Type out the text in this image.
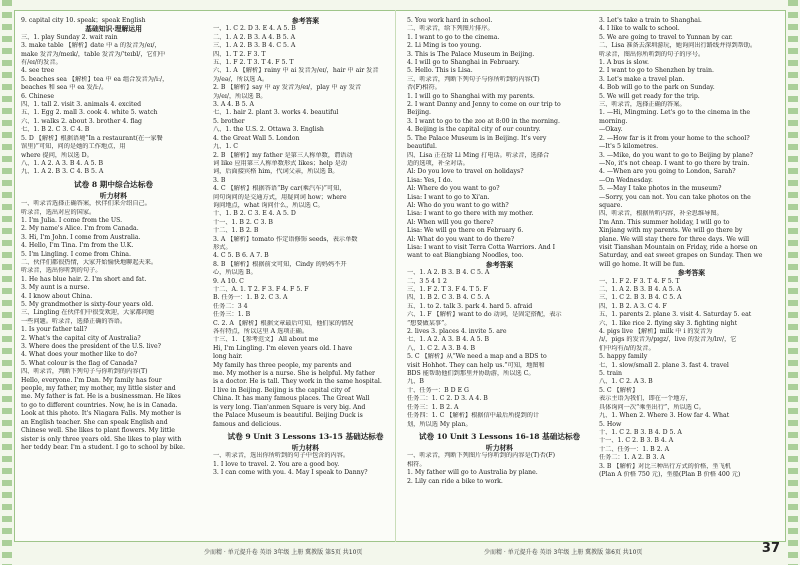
9. capital city 10. speak；speak English
基础知识·理解运用
三、1. play Sunday 2. wait rain
3. make table 【解析】date 中 a 的发音为/eɪ/，
make 发音为/meɪk/，table 发音为/'teɪbl/，它们中
有/eɪ/的发音。
4. see tree
5. beaches sea 【解析】tea 中 ea 组合发音为/iː/，
beaches 和 sea 中 ea 发/iː/。
6. Chinese
四、1. tall 2. visit 3. animals 4. excited
五、1. Egg 2. mall 3. cook 4. white 5. watch
六、1. walks 2. about 3. brother 4. flag
七、1. B 2. C 3. C 4. B
5. D 【解析】根据语境“In a restaurant(在一家餐
馆里)”可知，问的是她的工作地点，用
where 提问，所以选 D。
八、1. A 2. A 3. B 4. A 5. B
九、1. A 2. B 3. C 4. B 5. A
试卷 8 期中综合达标卷
听力材料
一、听录音选择正确答案，伙伴们来介绍自己。
听录音，选出对应的国家。
1. I'm Julia. I come from the US.
2. My name's Alice. I'm from Canada.
3. Hi, I'm John. I come from Australia.
4. Hello, I'm Tina. I'm from the U.K.
5. I'm Lingling. I come from China.
二、伙伴们都很热情，大家开始愉快地聊起天来。
听录音，选出你听到的句子。
1. He has blue hair. 2. I'm short and fat.
3. My aunt is a nurse.
4. I know about China.
5. My grandmother is sixty-four years old.
三、Lingling 在伙伴们中很受欢迎，大家都问她
一些问题。听录音，选择正确的答语。
1. Is your father tall?
2. What's the capital city of Australia?
3. Where does the president of the U.S. live?
4. What does your mother like to do?
5. What colour is the flag of Canada?
四、听录音，判断下列句子与你听到的内容(T)
Hello, everyone. I'm Dan. My family has four
people, my father, my mother, my little sister and
me. My father is fat. He is a businessman. He likes
to go to different countries. Now, he is in Canada.
Look at this photo. It's Niagara Falls. My mother is
an English teacher. She can speak English and
Chinese well. She likes to plant flowers. My little
sister is only three years old. She likes to play with
her teddy bear. I'm a student. I go to school by bike.
参考答案
一、1. C 2. D 3. E 4. A 5. B
二、1. A 2. B 3. A 4. B 5. A
三、1. A 2. B 3. B 4. C 5. A
四、1. T 2. F 3. T
五、1. F 2. T 3. T 4. F 5. T
六、1. A 【解析】rainy 中 ai 发音为/eɪ/，hair 中 air 发音
为/eə/，所以选 A。
2. B 【解析】say 中 ay 发音为/eɪ/，play 中 ay 发音
为/eɪ/，所以选 B。
3. A 4. B 5. A
七、1. hair 2. plant 3. works 4. beautiful
5. brother
八、1. the U.S. 2. Ottawa 3. English
4. the Great Wall 5. London
九、1. C
2. B 【解析】my father 是第三人称单数，谓语动
词 like 应用第三人称单数形式 likes；help 是动
词，后面接宾格 him，代词父亲，所以选 B。
3. B
4. C 【解析】根据答语“By car(乘汽车)”可知，
问句询问的是交通方式，用疑问词 how；where
询问地点，what 询问什么，所以选 C。
十、1. B 2. C 3. E 4. A 5. D
十一、1. B 2. C 3. B
十二、1. B 2. B
3. A 【解析】tomato 作定语修饰 seeds，表示单数
形式。
4. C 5. B 6. A 7. B
8. B 【解析】根据前文可知，Cindy 的妈妈不开
心，所以选 B。
9. A 10. C
十二、A. 1. T 2. F 3. F 4. F 5. F
B. 任务一：1. B 2. C 3. A
任务二：3 4
任务三：1. B
C. 2. A 【解析】根据文章最后可知，他们家的情况
各有特点，所以这里 A 选项正确。
十三、1. 【参考范文】 All about me
Hi, I'm Lingling. I'm eleven years old. I have
long hair.
My family has three people, my parents and
me. My mother is a nurse. She is helpful. My father
is a doctor. He is tall. They work in the same hospital.
I live in Beijing. Beijing is the capital city of
China. It has many famous places. The Great Wall
is very long. Tian'anmen Square is very big. And
the Palace Museum is beautiful. Beijing Duck is
famous and delicious.
试卷 9 Unit 3 Lessons 13-15 基础达标卷
听力材料
一、听录音，选出你所听到的句子中包含的内容。
1. I love to travel. 2. You are a good boy.
3. I can come with you. 4. May I speak to Danny?
5. You work hard in school.
二、听录音，给下列图片排序。
1. I want to go to the cinema.
2. Li Ming is too young.
3. This is The Palace Museum in Beijing.
4. I will go to Shanghai in February.
5. Hello. This is Lisa.
三、听录音，判断下列句子与你所听到的内容(T)
否(F)相符。
1. I will go to Shanghai with my parents.
2. I want Danny and Jenny to come on our trip to
Beijing.
3. I want to go to the zoo at 8:00 in the morning.
4. Beijing is the capital city of our country.
5. The Palace Museum is in Beijing. It's very
beautiful.
四、Lisa 正在给 Li Ming 打电话。听录音，选择合
适的选项，补全对话。
Al: Do you love to travel on holidays?
Lisa: Yes, I do.
Al: Where do you want to go?
Lisa: I want to go to Xi'an.
Al: Who do you want to go with?
Lisa: I want to go there with my mother.
Al: When will you go there?
Lisa: We will go there on February 6.
Al: What do you want to do there?
Lisa: I want to visit Terra Cotta Warriors. And I
want to eat Biangbiang Noodles, too.
参考答案
一、1. A 2. B 3. B 4. C 5. A
二、3 5 4 1 2
三、1. F 2. T 3. F 4. T 5. F
四、1. B 2. C 3. B 4. C 5. A
五、1. to 2. talk 3. park 4. hard 5. afraid
六、1. F 【解析】want to do 动词，是固定搭配，表示
“想要做某事”。
2. lives 3. places 4. invite 5. are
七、1. A 2. A 3. B 4. A 5. B
八、1. C 2. A 3. B 4. B
5. C 【解析】从“We need a map and a BDS to
visit Hohhot. They can help us.”可知，地图和
BDS 能帮助他们到那里并协助游，所以选 C。
九、B
十、任务一：B D E G
任务二：1. C 2. D 3. A 4. B
任务三：1. B 2. A
任务四：1. C 【解析】根据信中最后所提到的计
划，所以选 My plan。
试卷 10 Unit 3 Lessons 16-18 基础达标卷
听力材料
一、听录音，判断下列图片与你听到的内容是(T)否(F)
相符。
1. My father will go to Australia by plane.
2. Lily can ride a bike to work.
3. Let's take a train to Shanghai.
4. I like to walk to school.
5. We are going to travel to Yunnan by car.
二、Lisa 准备去深圳游玩，她询问出行路线并得到帮助。
听录音，图出你所听到的句子的序号。
1. A bus is slow.
2. I want to go to Shenzhen by train.
3. Let's make a travel plan.
4. Bob will go to the park on Sunday.
5. We will get ready for the trip.
三、听录音，选择正确的答案。
1. —Hi, Mingming. Let's go to the cinema in the
morning.
—Okay.
2. —How far is it from your home to the school?
—It's 5 kilometres.
3. —Mike, do you want to go to Beijing by plane?
—No, it's not cheap. I want to go there by train.
4. —When are you going to London, Sarah?
—On Wednesday.
5. —May I take photos in the museum?
—Sorry, you can not. You can take photos on the
square.
四、听录音，根据所听内容，补全思维导图。
I'm Ann. This summer holiday, I will go to
Xinjiang with my parents. We will go there by
plane. We will stay there for three days. We will
visit Tianshan Mountain on Friday, ride a horse on
Saturday, and eat sweet grapes on Sunday. Then we
will go home. It will be fun.
参考答案
一、1. F 2. F 3. T 4. F 5. T
二、1. A 2. B 3. B 4. A 5. A
三、1. C 2. B 3. B 4. C 5. A
四、1. B 2. A 3. C 4. F
五、1. parents 2. plane 3. visit 4. Saturday 5. eat
六、1. like rice 2. flying sky 3. fighting night
4. pigs live 【解析】milk 中 i 的发音为
/ɪ/，pigs 的发音为/pɪgz/，live 的发音为/lɪv/，它
们中均有/ɪ/的发音。
5. happy family
七、1. slow/small 2. plane 3. fast 4. travel
5. train
八、1. C 2. A 3. B
5. C 【解析】
表示主语为我们，即在一个地方，
具体询问一次“乘坐出行”，所以选 C。
九、1. When 2. Where 3. How far 4. What
5. How
十、1. C 2. B 3. B 4. D 5. A
十一、1. C 2. B 3. B 4. A
十二、任务一：1. B 2. A
任务二：1. A 2. B 3. A
3. B 【解析】对比三种出行方式的价格，坐飞机
(Plan A 价格 750 元)，坐船(Plan B 价格 400 元)
少而精 · 单元提升卷 英语 3年级 上册 冀教版 第5页 共10页	少而精 · 单元提升卷 英语 3年级 上册 冀教版 第6页 共10页	37
